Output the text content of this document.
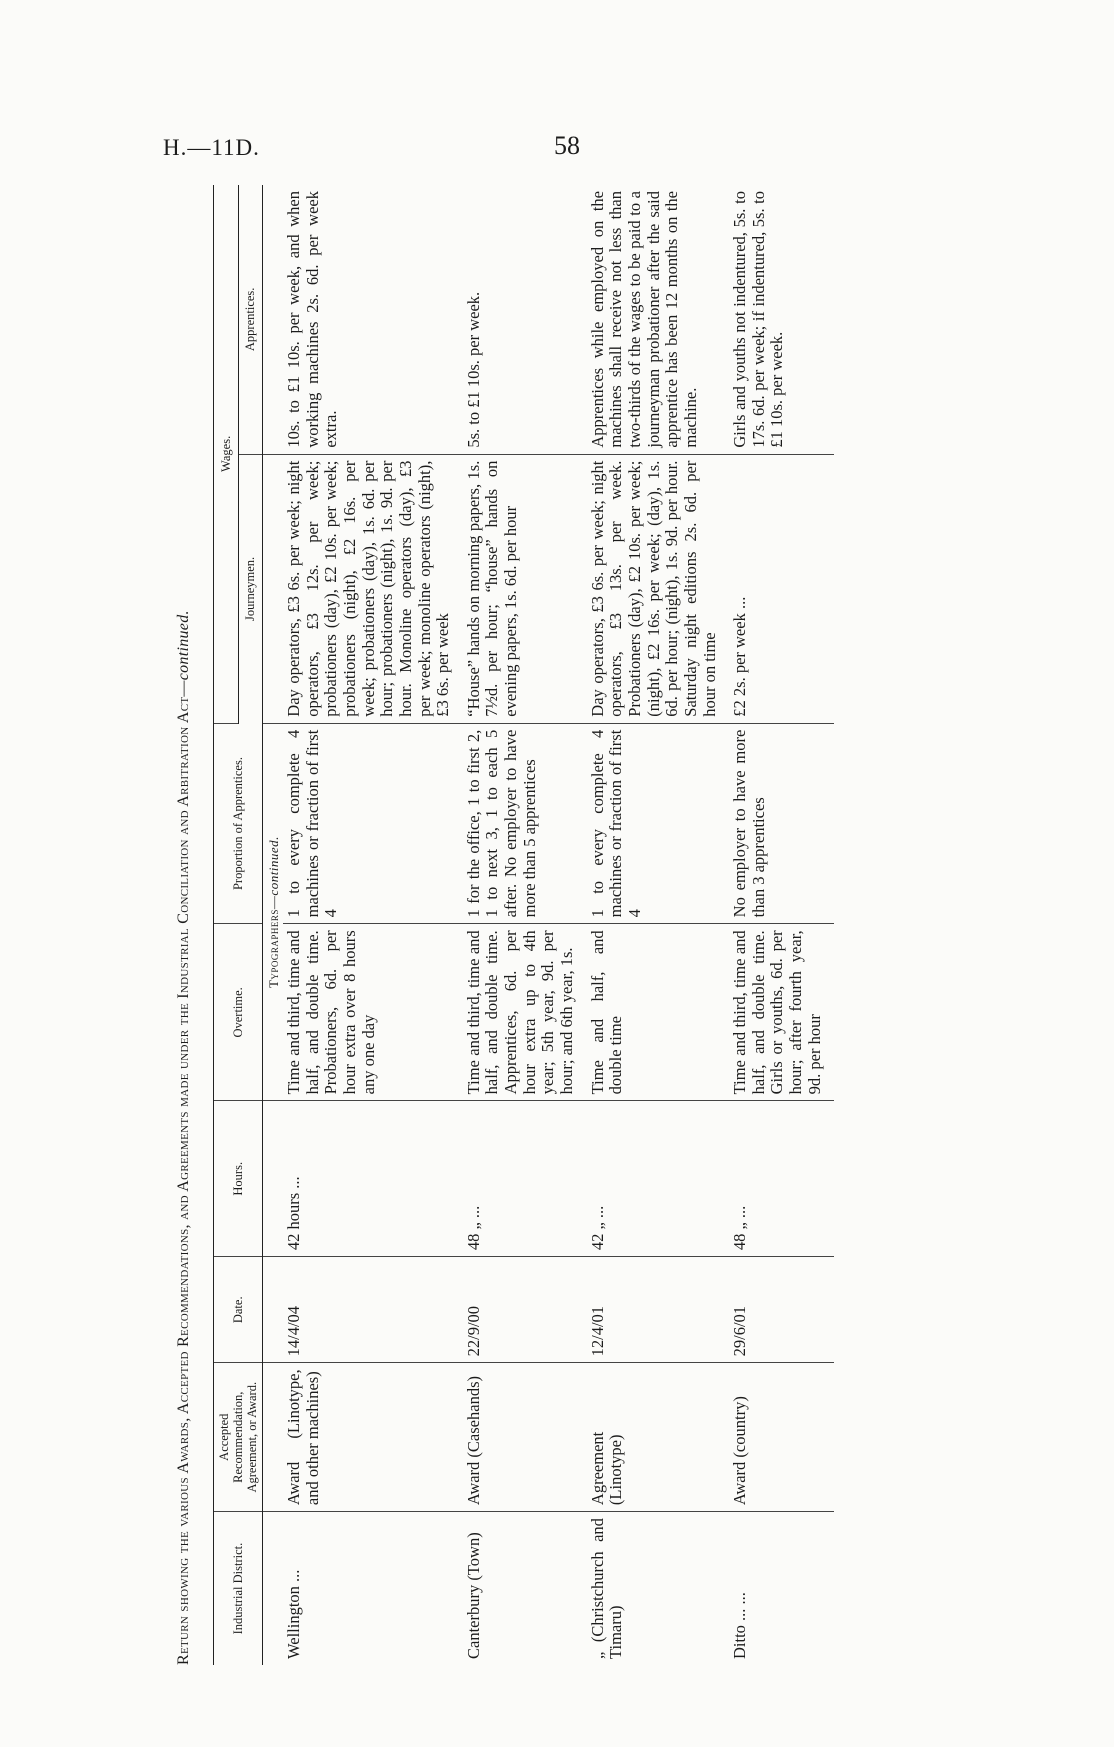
H.—11D.	58
Return showing the various Awards, Accepted Recommendations, and Agreements made under the Industrial Conciliation and Arbitration Act—continued.
Industrial District.	Accepted Recommendation, Agreement, or Award.	Date.	Hours.	Overtime.	Proportion of Apprentices.	Wages.	
						Journeymen.	Apprentices.
				Typographers—continued.			
Wellington ...	Award (Linotype, and other machines)	14/4/04	42 hours ...	Time and third, time and half, and double time. Probationers, 6d. per hour extra over 8 hours any one day	1 to every complete 4 machines or fraction of first 4	Day operators, £3 6s. per week; night operators, £3 12s. per week; probationers (day), £2 10s. per week; probationers (night), £2 16s. per week; probationers (day), 1s. 6d. per hour; probationers (night), 1s. 9d. per hour. Monoline operators (day), £3 per week; monoline operators (night), £3 6s. per week	10s. to £1 10s. per week, and when working machines 2s. 6d. per week extra.
Canterbury (Town)	Award (Casehands)	22/9/00	48 „ ...	Time and third, time and half, and double time. Apprentices, 6d. per hour extra up to 4th year; 5th year, 9d. per hour; and 6th year, 1s.	1 for the office, 1 to first 2, 1 to next 3, 1 to each 5 after. No employer to have more than 5 apprentices	“House” hands on morning papers, 1s. 7½d. per hour; “house” hands on evening papers, 1s. 6d. per hour	5s. to £1 10s. per week.
„ (Christchurch and Timaru)	Agreement (Linotype)	12/4/01	42 „ ...	Time and half, and double time	1 to every complete 4 machines or fraction of first 4	Day operators, £3 6s. per week; night operators, £3 13s. per week. Probationers (day), £2 10s. per week; (night), £2 16s. per week; (day), 1s. 6d. per hour; (night), 1s. 9d. per hour. Saturday night editions 2s. 6d. per hour on time	Apprentices while employed on the machines shall receive not less than two-thirds of the wages to be paid to a journeyman probationer after the said apprentice has been 12 months on the machine.
Ditto ... ...	Award (country)	29/6/01	48 „ ...	Time and third, time and half, and double time. Girls or youths, 6d. per hour; after fourth year, 9d. per hour	No employer to have more than 3 apprentices	£2 2s. per week ...	Girls and youths not indentured, 5s. to 17s. 6d. per week; if indentured, 5s. to £1 10s. per week.
